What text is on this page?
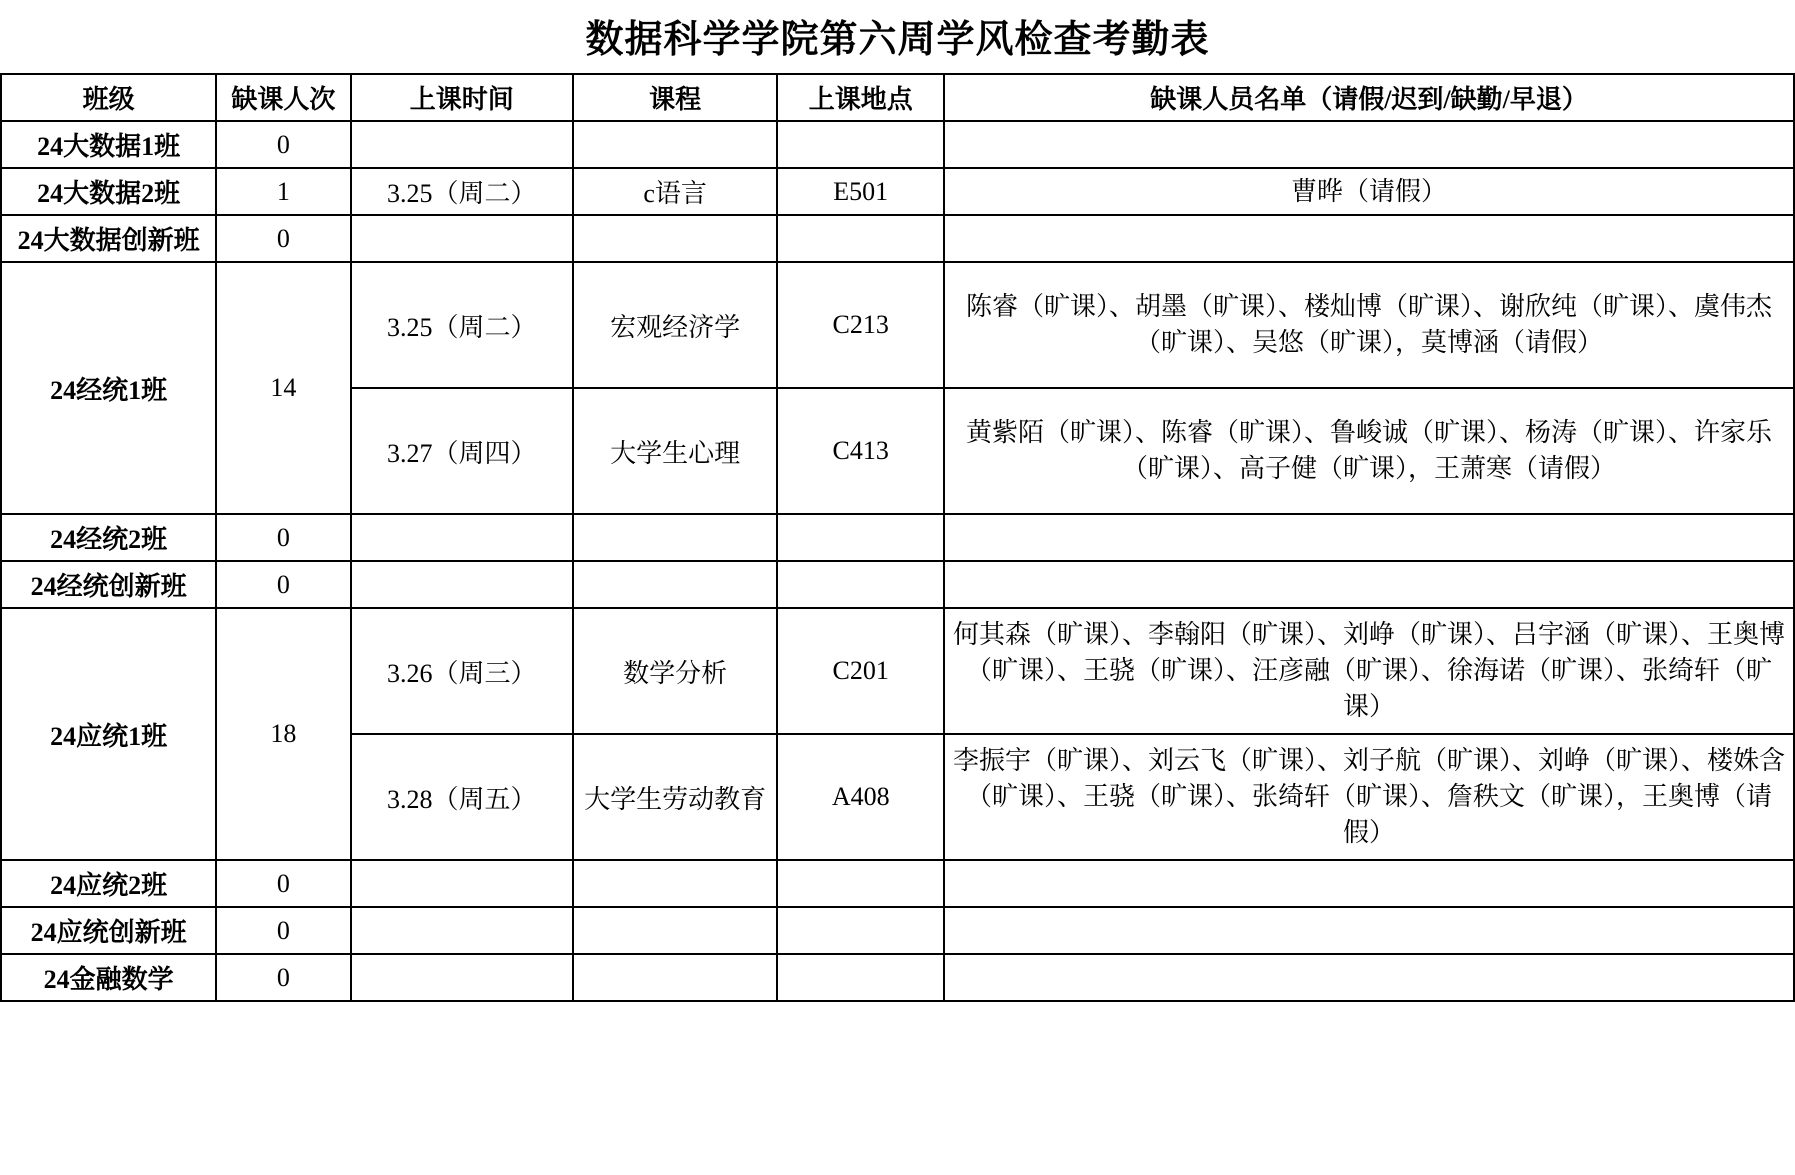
数据科学学院第六周学风检查考勤表
班级	缺课人次	上课时间	课程	上课地点	缺课人员名单（请假/迟到/缺勤/早退）
24大数据1班	0				
24大数据2班	1	3.25（周二）	c语言	E501	曹晔（请假）
24大数据创新班	0				
24经统1班	14	3.25（周二）	宏观经济学	C213	陈睿（旷课）、胡墨（旷课）、楼灿博（旷课）、谢欣纯（旷课）、虞伟杰（旷课）、吴悠（旷课），莫博涵（请假）
		3.27（周四）	大学生心理	C413	黄紫陌（旷课）、陈睿（旷课）、鲁峻诚（旷课）、杨涛（旷课）、许家乐（旷课）、高子健（旷课），王萧寒（请假）
24经统2班	0				
24经统创新班	0				
24应统1班	18	3.26（周三）	数学分析	C201	何其森（旷课）、李翰阳（旷课）、刘峥（旷课）、吕宇涵（旷课）、王奥博（旷课）、王骁（旷课）、汪彦融（旷课）、徐海诺（旷课）、张绮轩（旷课）
		3.28（周五）	大学生劳动教育	A408	李振宇（旷课）、刘云飞（旷课）、刘子航（旷课）、刘峥（旷课）、楼姝含（旷课）、王骁（旷课）、张绮轩（旷课）、詹秩文（旷课），王奥博（请假）
24应统2班	0				
24应统创新班	0				
24金融数学	0				
